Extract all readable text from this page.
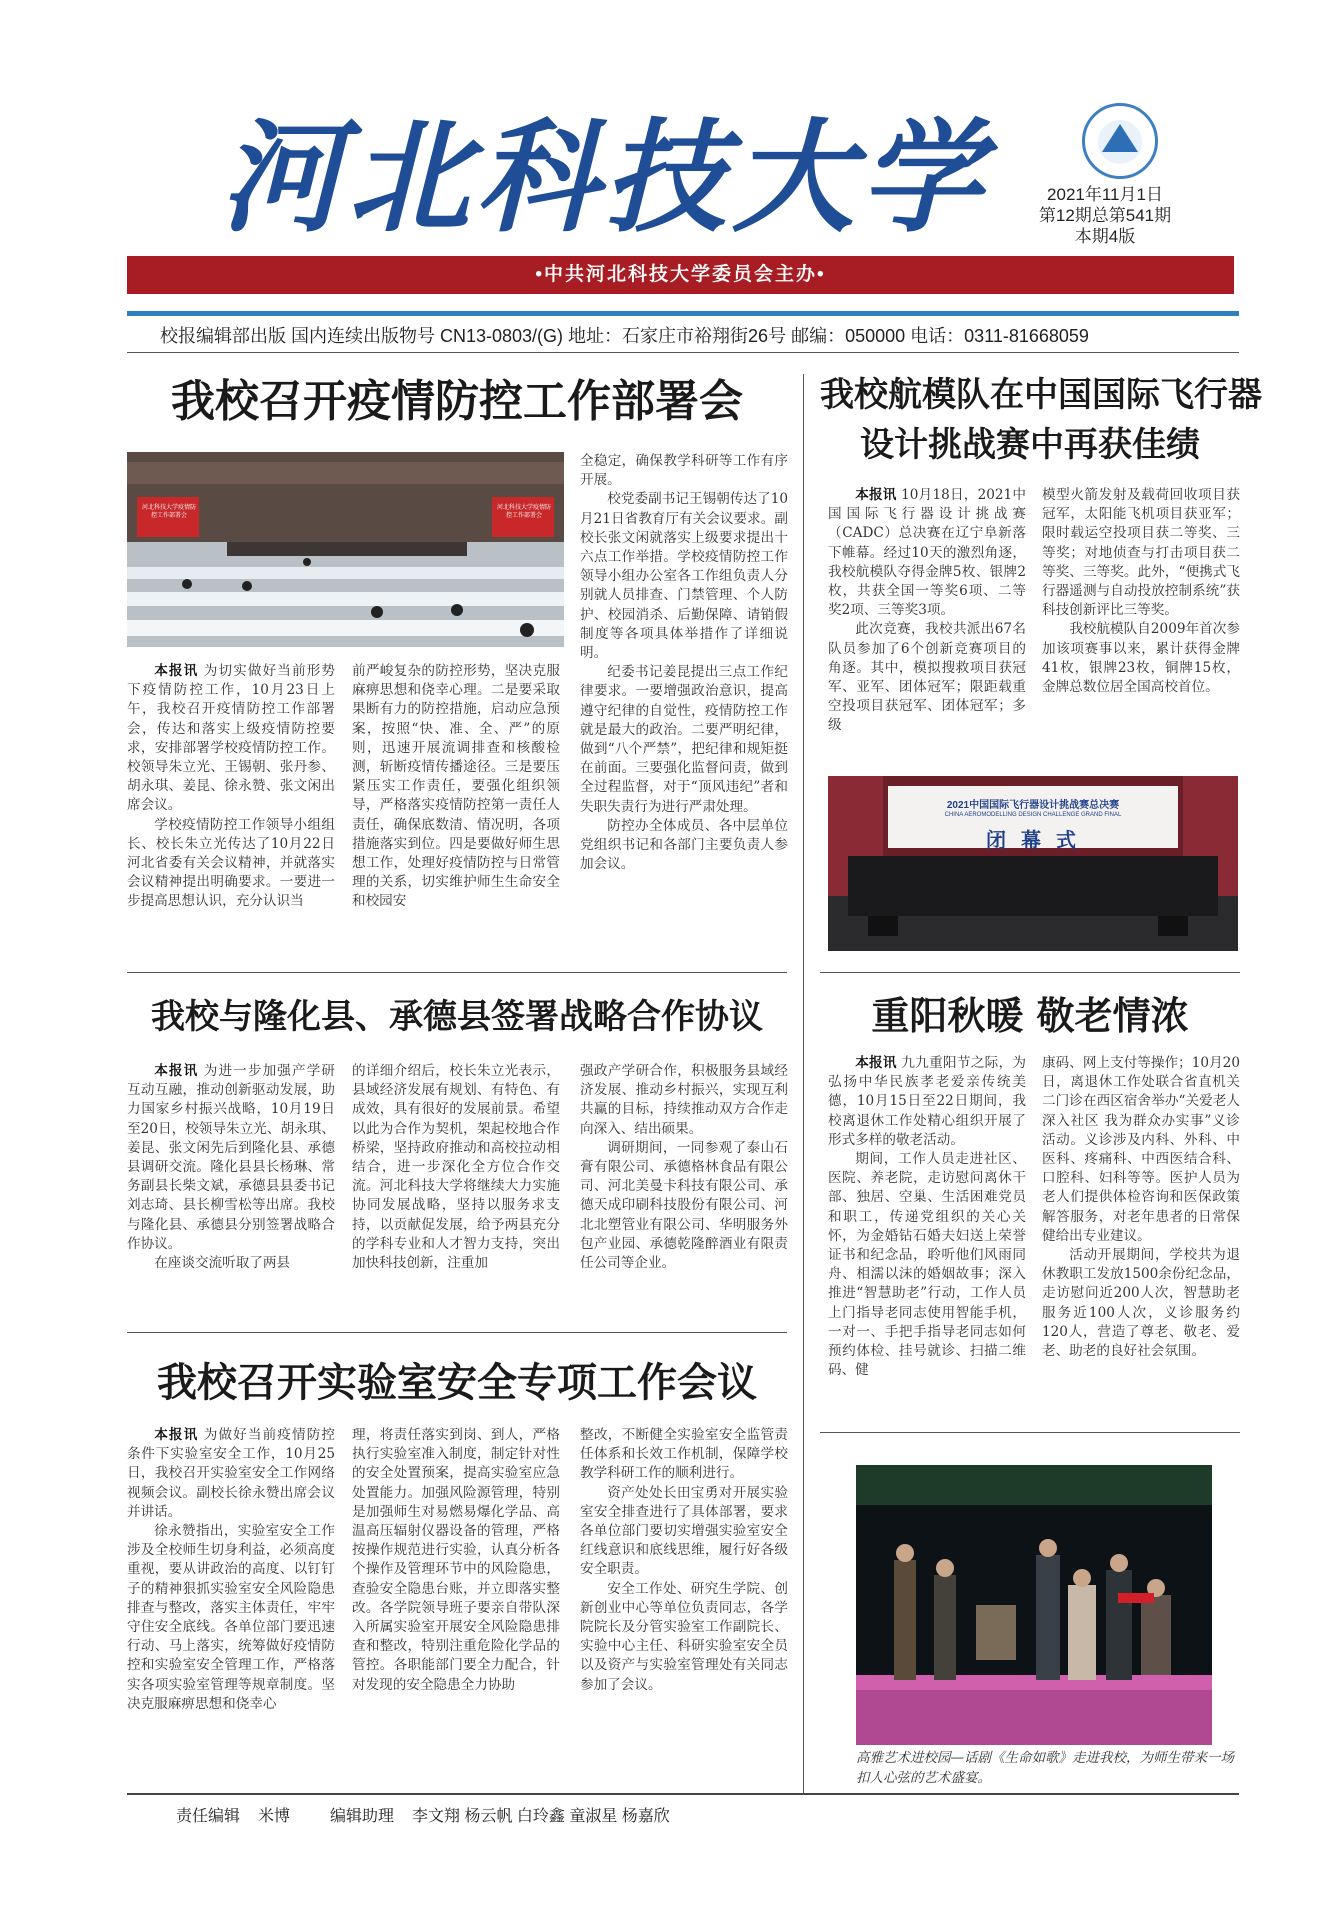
河北科技大学	2021年11月1日
第12期总第541期
本期4版
•中共河北科技大学委员会主办•
校报编辑部出版 国内连续出版物号 CN13-0803/(G) 地址：石家庄市裕翔街26号 邮编：050000 电话：0311-81668059
我校召开疫情防控工作部署会
河北科技大学疫情防控工作部署会
河北科技大学疫情防控工作部署会

本报讯 为切实做好当前形势下疫情防控工作，10月23日上午，我校召开疫情防控工作部署会，传达和落实上级疫情防控要求，安排部署学校疫情防控工作。校领导朱立光、王锡朝、张丹参、胡永琪、姜昆、徐永赞、张文闲出席会议。

学校疫情防控工作领导小组组长、校长朱立光传达了10月22日河北省委有关会议精神，并就落实会议精神提出明确要求。一要进一步提高思想认识，充分认识当

前严峻复杂的防控形势，坚决克服麻痹思想和侥幸心理。二是要采取果断有力的防控措施，启动应急预案，按照“快、准、全、严”的原则，迅速开展流调排查和核酸检测，斩断疫情传播途径。三是要压紧压实工作责任，要强化组织领导，严格落实疫情防控第一责任人责任，确保底数清、情况明，各项措施落实到位。四是要做好师生思想工作，处理好疫情防控与日常管理的关系，切实维护师生生命安全和校园安

全稳定，确保教学科研等工作有序开展。

校党委副书记王锡朝传达了10月21日省教育厅有关会议要求。副校长张文闲就落实上级要求提出十六点工作举措。学校疫情防控工作领导小组办公室各工作组负责人分别就人员排查、门禁管理、个人防护、校园消杀、后勤保障、请销假制度等各项具体举措作了详细说明。

纪委书记姜昆提出三点工作纪律要求。一要增强政治意识，提高遵守纪律的自觉性，疫情防控工作就是最大的政治。二要严明纪律，做到“八个严禁”，把纪律和规矩挺在前面。三要强化监督问责，做到全过程监督，对于“顶风违纪”者和失职失责行为进行严肃处理。

防控办全体成员、各中层单位党组织书记和各部门主要负责人参加会议。

我校航模队在中国国际飞行器
设计挑战赛中再获佳绩

本报讯 10月18日，2021中国国际飞行器设计挑战赛（CADC）总决赛在辽宁阜新落下帷幕。经过10天的激烈角逐，我校航模队夺得金牌5枚、银牌2枚，共获全国一等奖6项、二等奖2项、三等奖3项。

此次竞赛，我校共派出67名队员参加了6个创新竞赛项目的角逐。其中，模拟搜救项目获冠军、亚军、团体冠军；限距载重空投项目获冠军、团体冠军；多级

模型火箭发射及载荷回收项目获冠军，太阳能飞机项目获亚军；限时载运空投项目获二等奖、三等奖；对地侦查与打击项目获二等奖、三等奖。此外，“便携式飞行器遥测与自动投放控制系统”获科技创新评比三等奖。

我校航模队自2009年首次参加该项赛事以来，累计获得金牌41枚，银牌23枚，铜牌15枚，金牌总数位居全国高校首位。

2021中国国际飞行器设计挑战赛总决赛
CHINA AEROMODELLING DESIGN CHALLENGE GRAND FINAL
闭 幕 式
我校与隆化县、承德县签署战略合作协议

本报讯 为进一步加强产学研互动互融，推动创新驱动发展，助力国家乡村振兴战略，10月19日至20日，校领导朱立光、胡永琪、姜昆、张文闲先后到隆化县、承德县调研交流。隆化县县长杨琳、常务副县长柴文斌，承德县县委书记刘志琦、县长柳雪松等出席。我校与隆化县、承德县分别签署战略合作协议。

在座谈交流听取了两县

的详细介绍后，校长朱立光表示，县域经济发展有规划、有特色、有成效，具有很好的发展前景。希望以此为合作为契机，架起校地合作桥梁，坚持政府推动和高校拉动相结合，进一步深化全方位合作交流。河北科技大学将继续大力实施协同发展战略，坚持以服务求支持，以贡献促发展，给予两县充分的学科专业和人才智力支持，突出加快科技创新，注重加

强政产学研合作，积极服务县域经济发展、推动乡村振兴，实现互利共赢的目标，持续推动双方合作走向深入、结出硕果。

调研期间，一同参观了泰山石膏有限公司、承德格林食品有限公司、河北美曼卡科技有限公司、承德天成印刷科技股份有限公司、河北北塑管业有限公司、华明服务外包产业园、承德乾隆醉酒业有限责任公司等企业。

重阳秋暖 敬老情浓

本报讯 九九重阳节之际，为弘扬中华民族孝老爱亲传统美德，10月15日至22日期间，我校离退休工作处精心组织开展了形式多样的敬老活动。

期间，工作人员走进社区、医院、养老院，走访慰问离休干部、独居、空巢、生活困难党员和职工，传递党组织的关心关怀，为金婚钻石婚夫妇送上荣誉证书和纪念品，聆听他们风雨同舟、相濡以沫的婚姻故事；深入推进“智慧助老”行动，工作人员上门指导老同志使用智能手机，一对一、手把手指导老同志如何预约体检、挂号就诊、扫描二维码、健

康码、网上支付等操作；10月20日，离退休工作处联合省直机关二门诊在西区宿舍举办“关爱老人 深入社区 我为群众办实事”义诊活动。义诊涉及内科、外科、中医科、疼痛科、中西医结合科、口腔科、妇科等等。医护人员为老人们提供体检咨询和医保政策解答服务，对老年患者的日常保健给出专业建议。

活动开展期间，学校共为退休教职工发放1500余份纪念品，走访慰问近200人次，智慧助老服务近100人次，义诊服务约120人，营造了尊老、敬老、爱老、助老的良好社会氛围。

高雅艺术进校园—话剧《生命如歌》走进我校，为师生带来一场扣人心弦的艺术盛宴。
我校召开实验室安全专项工作会议

本报讯 为做好当前疫情防控条件下实验室安全工作，10月25日，我校召开实验室安全工作网络视频会议。副校长徐永赞出席会议并讲话。

徐永赞指出，实验室安全工作涉及全校师生切身利益，必须高度重视，要从讲政治的高度、以钉钉子的精神狠抓实验室安全风险隐患排查与整改，落实主体责任，牢牢守住安全底线。各单位部门要迅速行动、马上落实，统筹做好疫情防控和实验室安全管理工作，严格落实各项实验室管理等规章制度。坚决克服麻痹思想和侥幸心

理，将责任落实到岗、到人，严格执行实验室准入制度，制定针对性的安全处置预案，提高实验室应急处置能力。加强风险源管理，特别是加强师生对易燃易爆化学品、高温高压辐射仪器设备的管理，严格按操作规范进行实验，认真分析各个操作及管理环节中的风险隐患，查验安全隐患台账，并立即落实整改。各学院领导班子要亲自带队深入所属实验室开展安全风险隐患排查和整改，特别注重危险化学品的管控。各职能部门要全力配合，针对发现的安全隐患全力协助

整改，不断健全实验室安全监管责任体系和长效工作机制，保障学校教学科研工作的顺利进行。

资产处处长田宝勇对开展实验室安全排查进行了具体部署，要求各单位部门要切实增强实验室安全红线意识和底线思维，履行好各级安全职责。

安全工作处、研究生学院、创新创业中心等单位负责同志，各学院院长及分管实验室工作副院长、实验中心主任、科研实验室安全员以及资产与实验室管理处有关同志参加了会议。

责任编辑 米博 编辑助理 李文翔 杨云帆 白玲鑫 童淑星 杨嘉欣
